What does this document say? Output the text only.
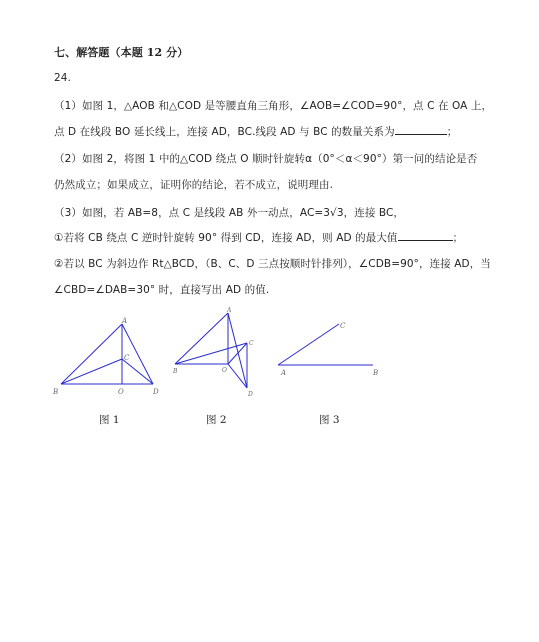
七、解答题（本题 12 分）
24.
（1）如图 1，△AOB 和△COD 是等腰直角三角形，∠AOB=∠COD=90°，点 C 在 OA 上，
点 D 在线段 BO 延长线上，连接 AD，BC.线段 AD 与 BC 的数量关系为	；
（2）如图 2，将图 1 中的△COD 绕点 O 顺时针旋转α（0°＜α＜90°）第一问的结论是否
仍然成立；如果成立，证明你的结论，若不成立，说明理由.
（3）如图，若 AB=8，点 C 是线段 AB 外一动点，AC=3√3，连接 BC，
①若将 CB 绕点 C 逆时针旋转 90° 得到 CD，连接 AD，则 AD 的最大值	；
②若以 BC 为斜边作 Rt△BCD，（B、C、D 三点按顺时针排列），∠CDB=90°，连接 AD，当
∠CBD=∠DAB=30° 时，直接写出 AD 的值.
A
B
C
D
O
图 1
A
B
C
D
O
图 2
C
A	B
图 3
